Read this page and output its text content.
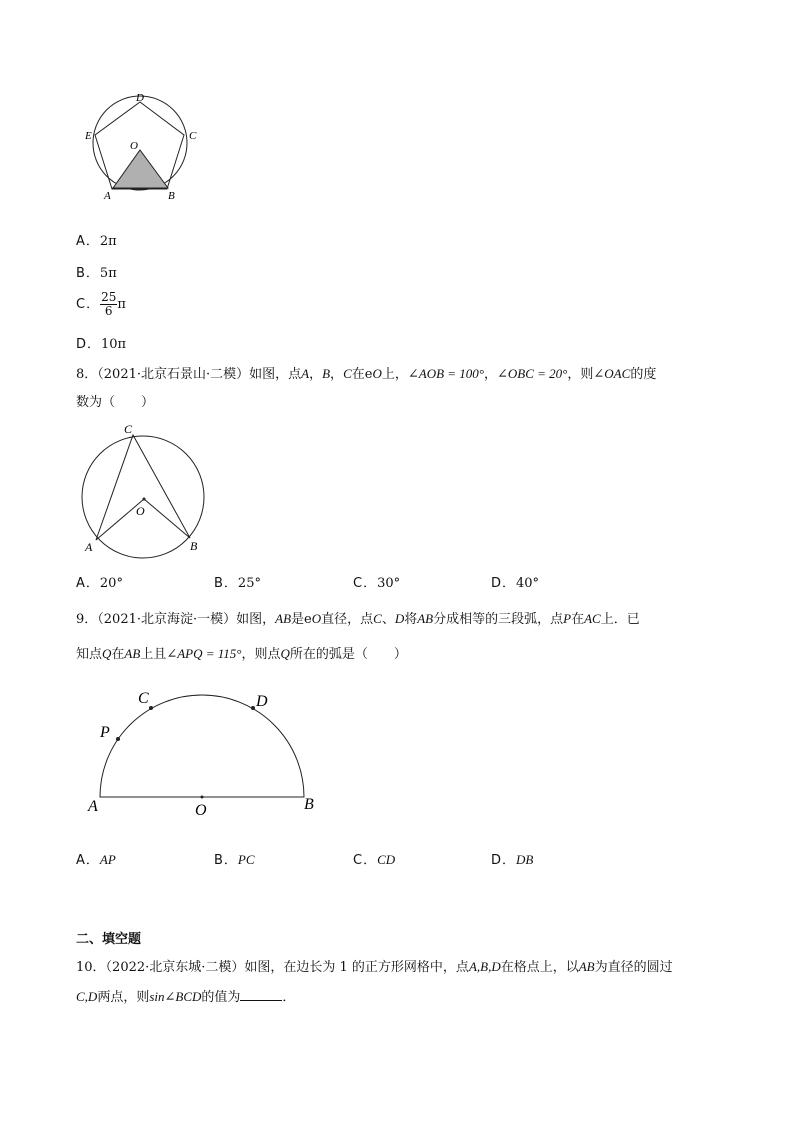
D
C
E
O
A	B
A．2π
B．5π
C． $\frac{25}{6}$ π
D．10π
8．（2021·北京石景山·二模）如图，点A，B，C在eO上，∠AOB = 100°，∠OBC = 20°，则∠OAC的度
数为（　　）
C
O
A	B
A．20°	B．25°	C．30°	D．40°
9．（2021·北京海淀·一模）如图，AB是eO直径，点C、D将AB分成相等的三段弧，点P在AC上．已
知点Q在AB上且∠APQ = 115°，则点Q所在的弧是（　　）
C	D
P
A	O	B
A．AP	B．PC	C．CD	D．DB
二、填空题
10．（2022·北京东城·二模）如图，在边长为 1 的正方形网格中，点A,B,D在格点上，以AB为直径的圆过
C,D两点，则sin∠BCD的值为	．
